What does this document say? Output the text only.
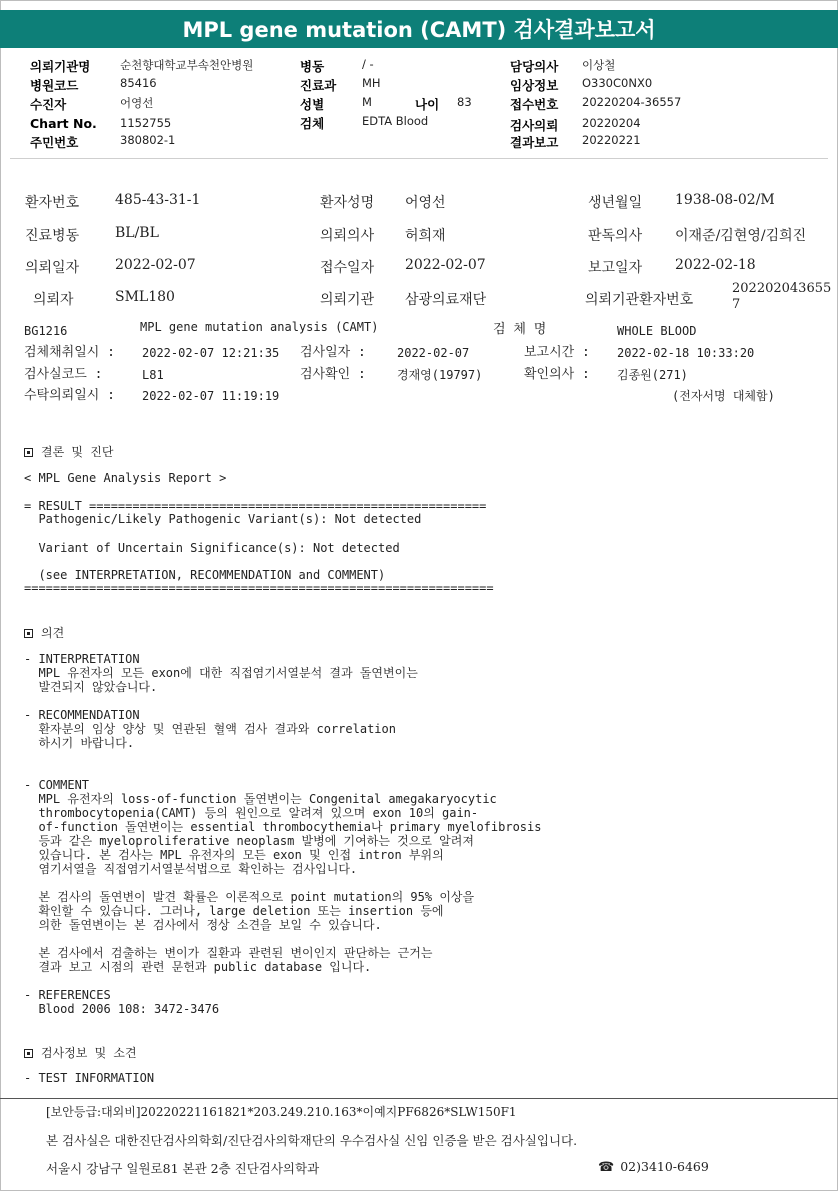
MPL gene mutation (CAMT) 검사결과보고서
의뢰기관명	순천향대학교부속천안병원
병원코드	85416
수진자	어영선
Chart No. 1152755
주민번호	380802-1
병동	/ -
진료과 MH
성별	M	나이 83
검체	EDTA Blood
담당의사 이상철
임상정보 O330C0NX0
접수번호 20220204-36557
검사의뢰 20220204
결과보고 20220221
환자번호	485-43-31-1	환자성명 어영선	생년월일 1938-08-02/M
진료병동	BL/BL	의뢰의사 허희재	판독의사 이재준/김현영/김희진
의뢰일자	2022-02-07	접수일자 2022-02-07	보고일자 2022-02-18
의뢰자	SML180	의뢰기관 삼광의료재단	의뢰기관환자번호
202202043655
7
BG1216	MPL gene mutation analysis (CAMT)	검 체 명	WHOLE BLOOD
검체채취일시 : 2022-02-07 12:21:35 검사일자 :	2022-02-07	보고시간 : 2022-02-18 10:33:20
검사실코드 :	L81	검사확인 :	경재영(19797)	확인의사 : 김종원(271)
수탁의뢰일시 : 2022-02-07 11:19:19	(전자서명 대체함)
결론 및 진단
< MPL Gene Analysis Report >
= RESULT =======================================================
Pathogenic/Likely Pathogenic Variant(s): Not detected
Variant of Uncertain Significance(s): Not detected
(see INTERPRETATION, RECOMMENDATION and COMMENT)
=================================================================
의견
- INTERPRETATION
MPL 유전자의 모든 exon에 대한 직접염기서열분석 결과 돌연변이는
발견되지 않았습니다.
- RECOMMENDATION
환자분의 임상 양상 및 연관된 혈액 검사 결과와 correlation
하시기 바랍니다.
- COMMENT
MPL 유전자의 loss-of-function 돌연변이는 Congenital amegakaryocytic
thrombocytopenia(CAMT) 등의 원인으로 알려져 있으며 exon 10의 gain-
of-function 돌연변이는 essential thrombocythemia나 primary myelofibrosis
등과 같은 myeloproliferative neoplasm 발병에 기여하는 것으로 알려져
있습니다. 본 검사는 MPL 유전자의 모든 exon 및 인접 intron 부위의
염기서열을 직접염기서열분석법으로 확인하는 검사입니다.
본 검사의 돌연변이 발견 확률은 이론적으로 point mutation의 95% 이상을
확인할 수 있습니다. 그러나, large deletion 또는 insertion 등에
의한 돌연변이는 본 검사에서 정상 소견을 보일 수 있습니다.
본 검사에서 검출하는 변이가 질환과 관련된 변이인지 판단하는 근거는
결과 보고 시점의 관련 문헌과 public database 입니다.
- REFERENCES
Blood 2006 108: 3472-3476
검사정보 및 소견
- TEST INFORMATION
[보안등급:대외비]20220221161821*203.249.210.163*이예지PF6826*SLW150F1
본 검사실은 대한진단검사의학회/진단검사의학재단의 우수검사실 신임 인증을 받은 검사실입니다.
서울시 강남구 일원로81 본관 2층 진단검사의학과	☎ 02)3410-6469
